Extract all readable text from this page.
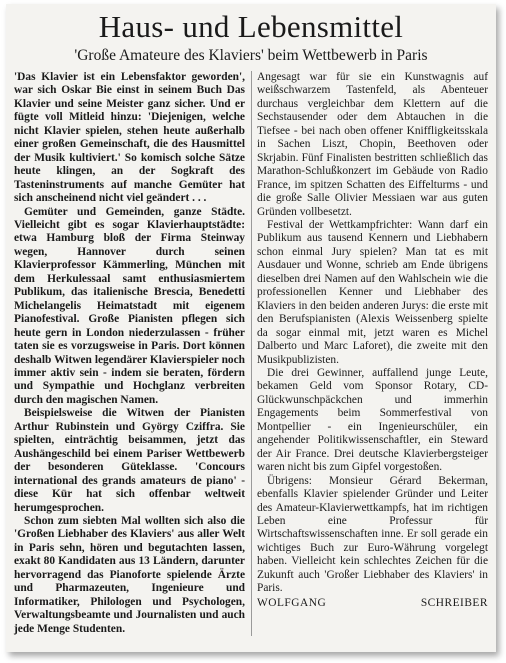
Haus- und Lebensmittel
'Große Amateure des Klaviers' beim Wettbewerb in Paris

'Das Klavier ist ein Lebensfaktor geworden', war sich Oskar Bie einst in seinem Buch Das Klavier und seine Meister ganz sicher. Und er fügte voll Mitleid hinzu: 'Diejenigen, welche nicht Klavier spielen, stehen heute außerhalb einer großen Gemeinschaft, die des Hausmittel der Musik kultiviert.' So komisch solche Sätze heute klingen, an der Sogkraft des Tasteninstruments auf manche Gemüter hat sich anscheinend nicht viel geändert . . .

Gemüter und Gemeinden, ganze Städte. Vielleicht gibt es sogar Klavierhauptstädte: etwa Hamburg bloß der Firma Steinway wegen, Hannover durch seinen Klavierprofessor Kämmerling, München mit dem Herkulessaal samt enthusiasmiertem Publikum, das italienische Brescia, Benedetti Michelangelis Heimatstadt mit eigenem Pianofestival. Große Pianisten pflegen sich heute gern in London niederzulassen - früher taten sie es vorzugsweise in Paris. Dort können deshalb Witwen legendärer Klavierspieler noch immer aktiv sein - indem sie beraten, fördern und Sympathie und Hochglanz verbreiten durch den magischen Namen.

Beispielsweise die Witwen der Pianisten Arthur Rubinstein und György Cziffra. Sie spielten, einträchtig beisammen, jetzt das Aushängeschild bei einem Pariser Wettbewerb der besonderen Güteklasse. 'Concours international des grands amateurs de piano' - diese Kür hat sich offenbar weltweit herumgesprochen.

Schon zum siebten Mal wollten sich also die 'Großen Liebhaber des Klaviers' aus aller Welt in Paris sehn, hören und begutachten lassen, exakt 80 Kandidaten aus 13 Ländern, darunter hervorragend das Pianoforte spielende Ärzte und Pharmazeuten, Ingenieure und Informatiker, Philologen und Psychologen, Verwaltungsbeamte und Journalisten und auch jede Menge Studenten.

Angesagt war für sie ein Kunstwagnis auf weißschwarzem Tastenfeld, als Abenteuer durchaus vergleichbar dem Klettern auf die Sechstausender oder dem Abtauchen in die Tiefsee - bei nach oben offener Kniffligkeitsskala in Sachen Liszt, Chopin, Beethoven oder Skrjabin. Fünf Finalisten bestritten schließlich das Marathon-Schlußkonzert im Gebäude von Radio France, im spitzen Schatten des Eiffelturms - und die große Salle Olivier Messiaen war aus guten Gründen vollbesetzt.

Festival der Wettkampfrichter: Wann darf ein Publikum aus tausend Kennern und Liebhabern schon einmal Jury spielen? Man tat es mit Ausdauer und Wonne, schrieb am Ende übrigens dieselben drei Namen auf den Wahlschein wie die professionellen Kenner und Liebhaber des Klaviers in den beiden anderen Jurys: die erste mit den Berufspianisten (Alexis Weissenberg spielte da sogar einmal mit, jetzt waren es Michel Dalberto und Marc Laforet), die zweite mit den Musikpublizisten.

Die drei Gewinner, auffallend junge Leute, bekamen Geld vom Sponsor Rotary, CD-Glückwunschpäckchen und immerhin Engagements beim Sommerfestival von Montpellier - ein Ingenieurschüler, ein angehender Politikwissenschaftler, ein Steward der Air France. Drei deutsche Klavierbergsteiger waren nicht bis zum Gipfel vorgestoßen.

Übrigens: Monsieur Gérard Bekerman, ebenfalls Klavier spielender Gründer und Leiter des Amateur-Klavierwettkampfs, hat im richtigen Leben eine Professur für Wirtschaftswissenschaften inne. Er soll gerade ein wichtiges Buch zur Euro-Währung vorgelegt haben. Vielleicht kein schlechtes Zeichen für die Zukunft auch 'Großer Liebhaber des Klaviers' in Paris.

WOLFGANG	SCHREIBER
